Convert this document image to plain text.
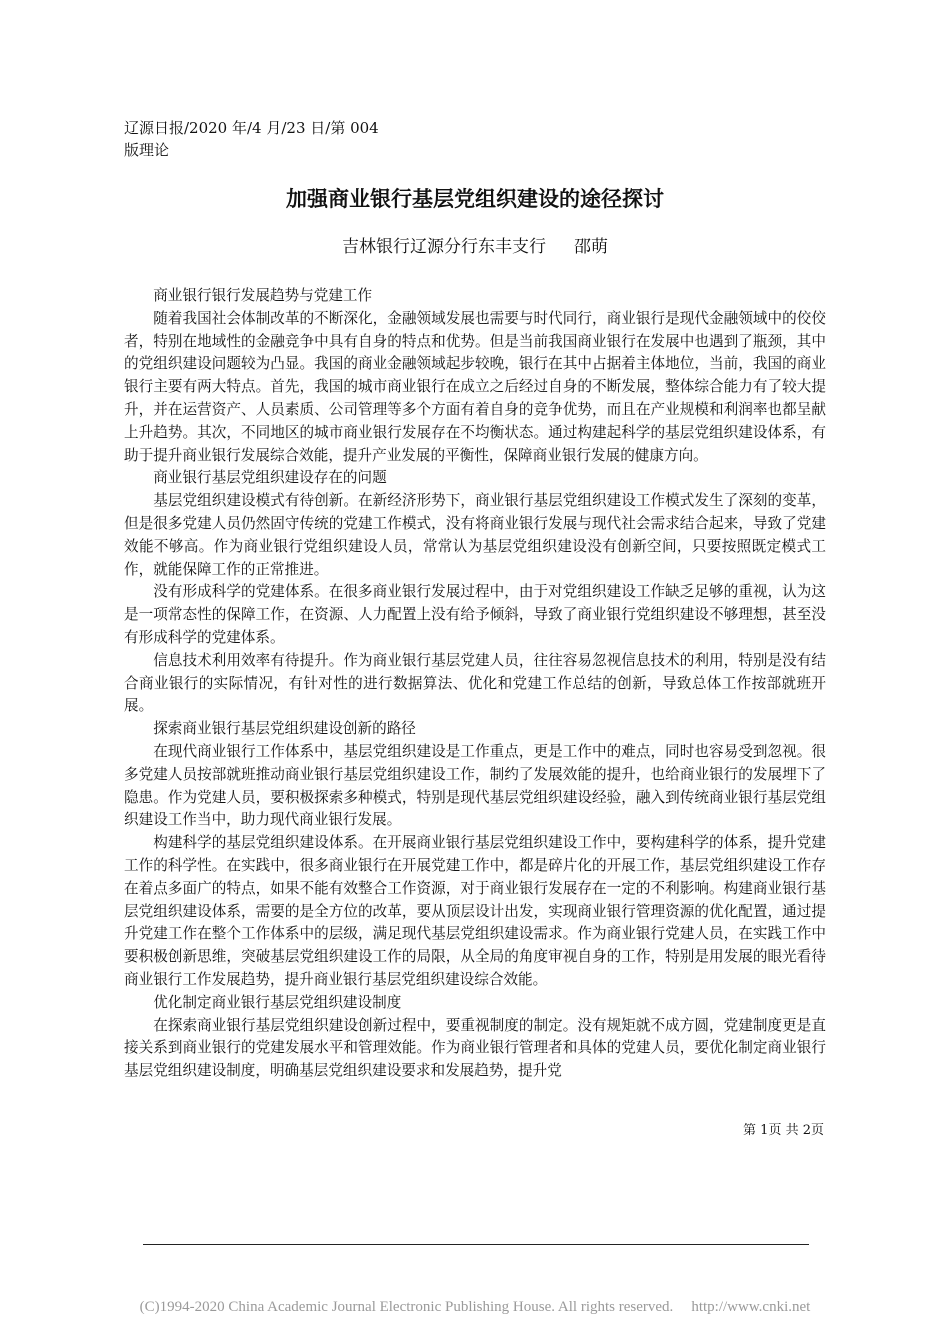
辽源日报/2020 年/4 月/23 日/第 004
版理论
加强商业银行基层党组织建设的途径探讨
吉林银行辽源分行东丰支行 邵萌

商业银行银行发展趋势与党建工作

随着我国社会体制改革的不断深化，金融领域发展也需要与时代同行，商业银行是现代金融领域中的佼佼者，特别在地域性的金融竞争中具有自身的特点和优势。但是当前我国商业银行在发展中也遇到了瓶颈，其中的党组织建设问题较为凸显。我国的商业金融领域起步较晚，银行在其中占据着主体地位，当前，我国的商业银行主要有两大特点。首先，我国的城市商业银行在成立之后经过自身的不断发展，整体综合能力有了较大提升，并在运营资产、人员素质、公司管理等多个方面有着自身的竞争优势，而且在产业规模和利润率也都呈献上升趋势。其次，不同地区的城市商业银行发展存在不均衡状态。通过构建起科学的基层党组织建设体系，有助于提升商业银行发展综合效能，提升产业发展的平衡性，保障商业银行发展的健康方向。

商业银行基层党组织建设存在的问题

基层党组织建设模式有待创新。在新经济形势下，商业银行基层党组织建设工作模式发生了深刻的变革，但是很多党建人员仍然固守传统的党建工作模式，没有将商业银行发展与现代社会需求结合起来，导致了党建效能不够高。作为商业银行党组织建设人员，常常认为基层党组织建设没有创新空间，只要按照既定模式工作，就能保障工作的正常推进。

没有形成科学的党建体系。在很多商业银行发展过程中，由于对党组织建设工作缺乏足够的重视，认为这是一项常态性的保障工作，在资源、人力配置上没有给予倾斜，导致了商业银行党组织建设不够理想，甚至没有形成科学的党建体系。

信息技术利用效率有待提升。作为商业银行基层党建人员，往往容易忽视信息技术的利用，特别是没有结合商业银行的实际情况，有针对性的进行数据算法、优化和党建工作总结的创新，导致总体工作按部就班开展。

探索商业银行基层党组织建设创新的路径

在现代商业银行工作体系中，基层党组织建设是工作重点，更是工作中的难点，同时也容易受到忽视。很多党建人员按部就班推动商业银行基层党组织建设工作，制约了发展效能的提升，也给商业银行的发展埋下了隐患。作为党建人员，要积极探索多种模式，特别是现代基层党组织建设经验，融入到传统商业银行基层党组织建设工作当中，助力现代商业银行发展。

构建科学的基层党组织建设体系。在开展商业银行基层党组织建设工作中，要构建科学的体系，提升党建工作的科学性。在实践中，很多商业银行在开展党建工作中，都是碎片化的开展工作，基层党组织建设工作存在着点多面广的特点，如果不能有效整合工作资源，对于商业银行发展存在一定的不利影响。构建商业银行基层党组织建设体系，需要的是全方位的改革，要从顶层设计出发，实现商业银行管理资源的优化配置，通过提升党建工作在整个工作体系中的层级，满足现代基层党组织建设需求。作为商业银行党建人员，在实践工作中要积极创新思维，突破基层党组织建设工作的局限，从全局的角度审视自身的工作，特别是用发展的眼光看待商业银行工作发展趋势，提升商业银行基层党组织建设综合效能。

优化制定商业银行基层党组织建设制度

在探索商业银行基层党组织建设创新过程中，要重视制度的制定。没有规矩就不成方圆，党建制度更是直接关系到商业银行的党建发展水平和管理效能。作为商业银行管理者和具体的党建人员，要优化制定商业银行基层党组织建设制度，明确基层党组织建设要求和发展趋势，提升党

第 1页 共 2页
(C)1994-2020 China Academic Journal Electronic Publishing House. All rights reserved. http://www.cnki.net
